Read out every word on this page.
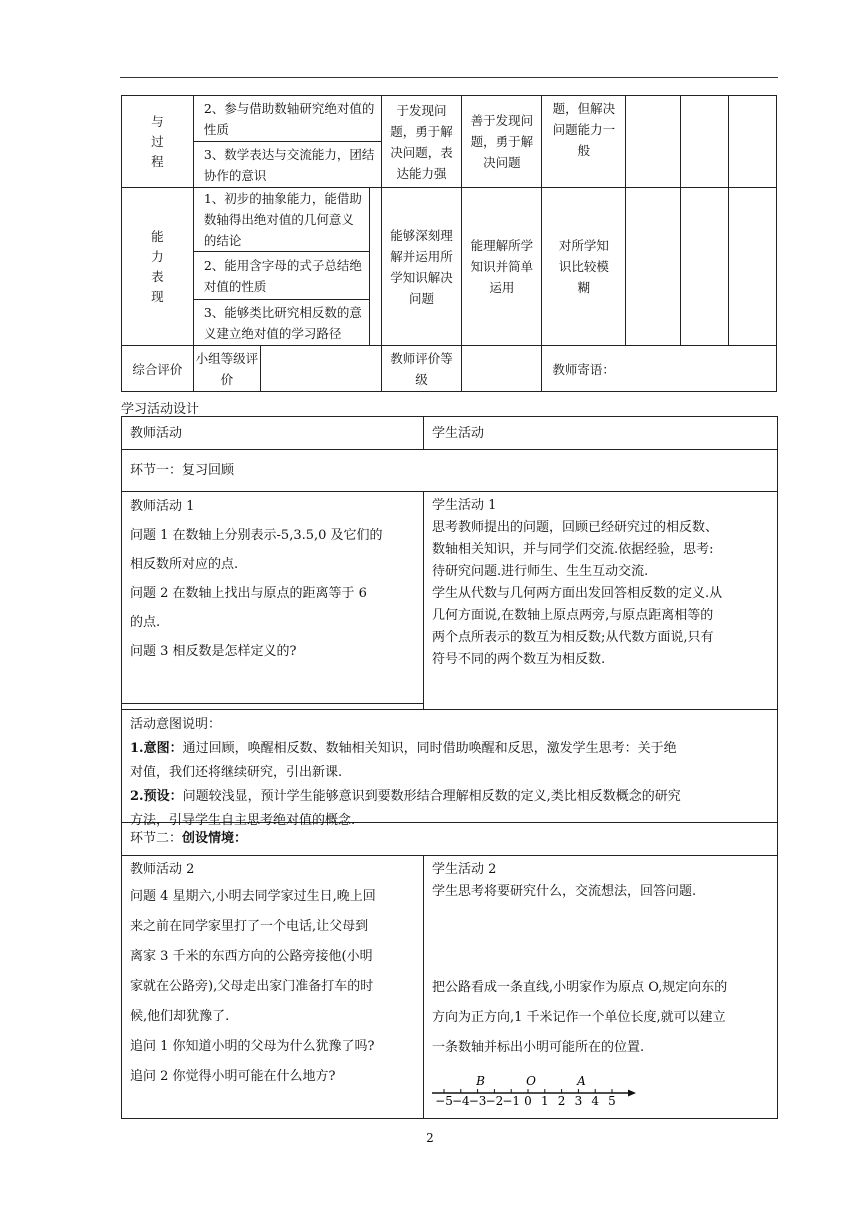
与
过
程	2、参与借助数轴研究绝对值的性质		于发现问题，勇于解决问题，表达能力强	善于发现问题，勇于解决问题	题，但解决问题能力一般			
	3、数学表达与交流能力，团结协作的意识							

能
力
表
现	1、初步的抽象能力，能借助数轴得出绝对值的几何意义的结论		能够深刻理解并运用所学知识解决问题	能理解所学知识并简单运用	对所学知识比较模糊			
	2、能用含字母的式子总结绝对值的性质							
	3、能够类比研究相反数的意义建立绝对值的学习路径							
综合评价	小组等级评价		教师评价等级		教师寄语：			
学习活动设计
教师活动	学生活动
环节一：复习回顾
教师活动 1
问题 1 在数轴上分别表示-5,3.5,0 及它们的
相反数所对应的点.
问题 2 在数轴上找出与原点的距离等于 6
的点.
问题 3 相反数是怎样定义的?
学生活动 1
思考教师提出的问题，回顾已经研究过的相反数、
数轴相关知识，并与同学们交流.依据经验，思考:
待研究问题.进行师生、生生互动交流.
学生从代数与几何两方面出发回答相反数的定义.从
几何方面说,在数轴上原点两旁,与原点距离相等的
两个点所表示的数互为相反数;从代数方面说,只有
符号不同的两个数互为相反数.
活动意图说明：
1.意图：通过回顾，唤醒相反数、数轴相关知识，同时借助唤醒和反思，激发学生思考：关于绝
对值，我们还将继续研究，引出新课.
2.预设：问题较浅显，预计学生能够意识到要数形结合理解相反数的定义,类比相反数概念的研究
方法，引导学生自主思考绝对值的概念.
环节二：创设情境：
教师活动 2
问题 4 星期六,小明去同学家过生日,晚上回
来之前在同学家里打了一个电话,让父母到
离家 3 千米的东西方向的公路旁接他(小明
家就在公路旁),父母走出家门准备打车的时
候,他们却犹豫了.
追问 1 你知道小明的父母为什么犹豫了吗?
追问 2 你觉得小明可能在什么地方?
学生活动 2
学生思考将要研究什么，交流想法，回答问题.
把公路看成一条直线,小明家作为原点 O,规定向东的
方向为正方向,1 千米记作一个单位长度,就可以建立
一条数轴并标出小明可能所在的位置.
−5 −4 −3 −2 −1 0 1 2 3 4 5
B	O	A
2
